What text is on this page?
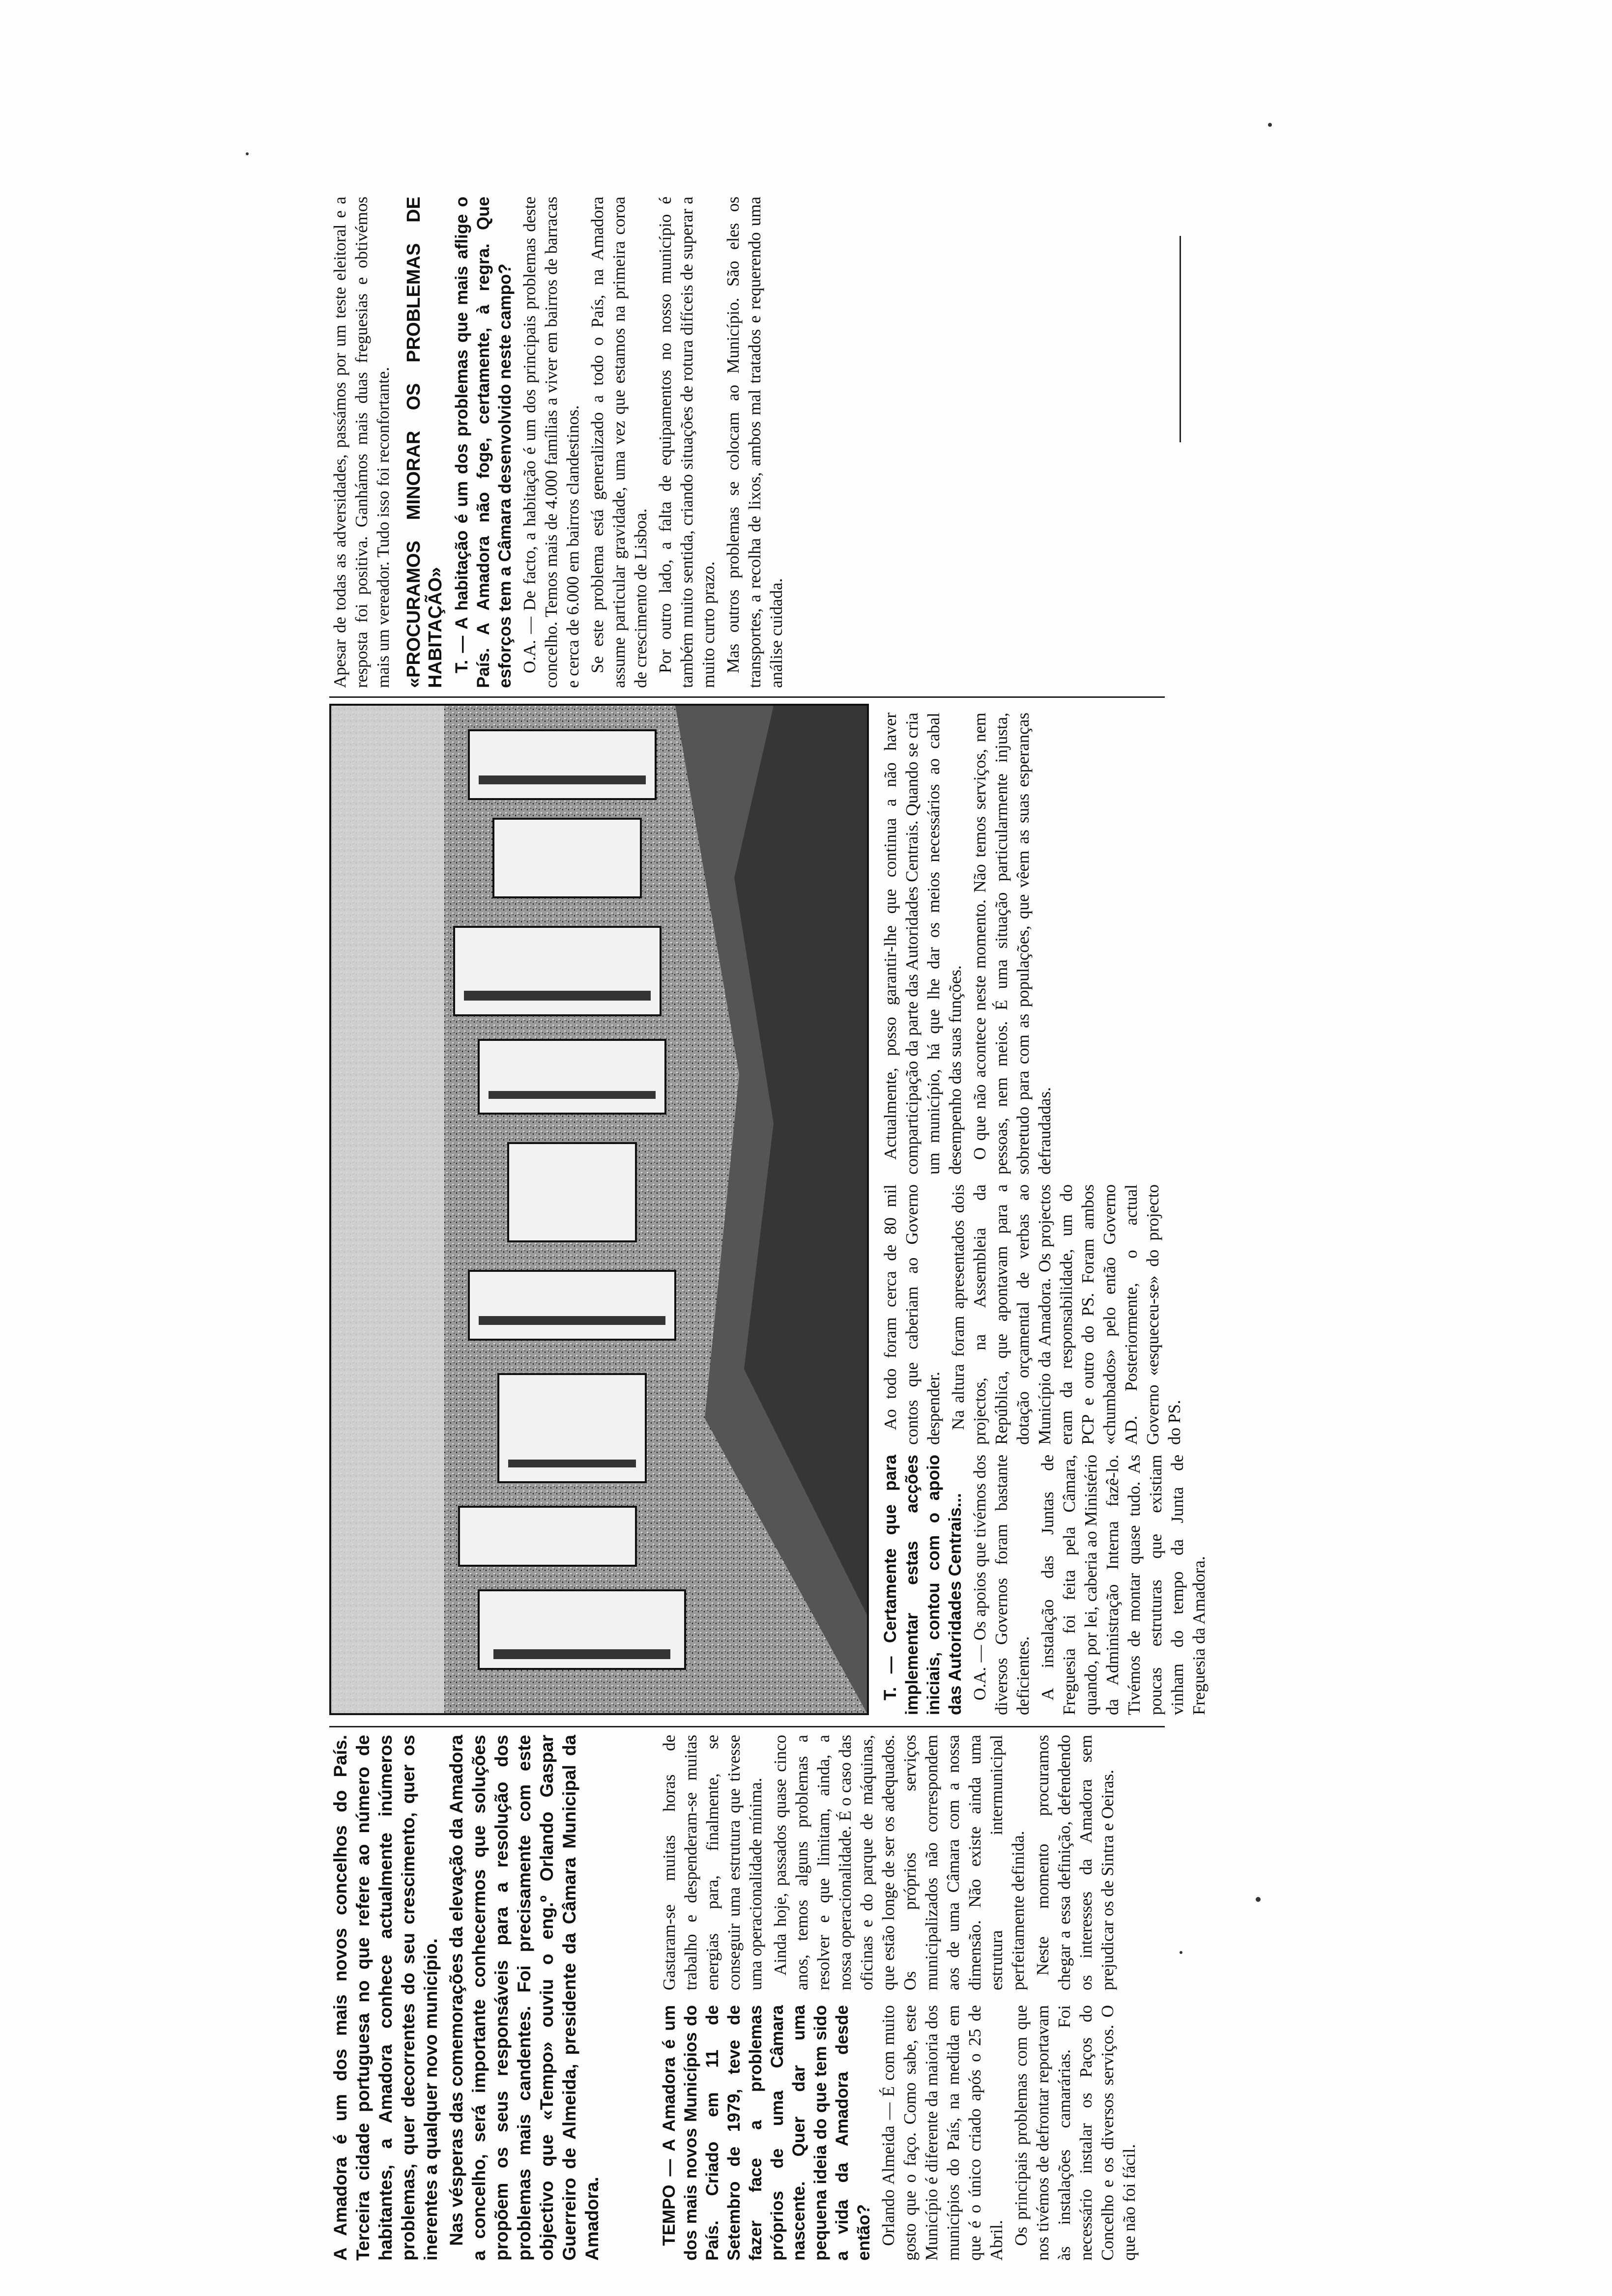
A Amadora é um dos mais novos concelhos do País. Terceira cidade portuguesa no que refere ao número de habitantes, a Amadora conhece actualmente inúmeros problemas, quer decorrentes do seu crescimento, quer os inerentes a qualquer novo município. Nas vésperas das comemorações da elevação da Amadora a concelho, será importante conhecermos que soluções propõem os seus responsáveis para a resolução dos problemas mais candentes. Foi precisamente com este objectivo que «Tempo» ouviu o eng.º Orlando Gaspar Guerreiro de Almeida, presidente da Câmara Municipal da Amadora.	TEMPO — A Amadora é um dos mais novos Municípios do País. Criado em 11 de Setembro de 1979, teve de fazer face a problemas próprios de uma Câmara nascente. Quer dar uma pequena ideia do que tem sido a vida da Amadora desde então? Orlando Almeida — É com muito gosto que o faço. Como sabe, este Município é diferente da maioria dos municípios do País, na medida em que é o único criado após o 25 de Abril. Os principais problemas com que nos tivémos de defrontar reportavam às instalações camarárias. Foi necessário instalar os Paços do Concelho e os diversos serviços. O que não foi fácil.

Gastaram-se muitas horas de trabalho e despenderam-se muitas energias para, finalmente, se conseguir uma estrutura que tivesse uma operacionalidade mínima. Ainda hoje, passados quase cinco anos, temos alguns problemas a resolver e que limitam, ainda, a nossa operacionalidade. É o caso das oficinas e do parque de máquinas, que estão longe de ser os adequados. Os próprios serviços municipalizados não correspondem aos de uma Câmara com a nossa dimensão. Não existe ainda uma estrutura intermunicipal perfeitamente definida. Neste momento procuramos chegar a essa definição, defendendo os interesses da Amadora sem prejudicar os de Sintra e Oeiras.

T. — Certamente que para implementar estas acções iniciais, contou com o apoio das Autoridades Centrais... O.A. — Os apoios que tivémos dos diversos Governos foram bastante deficientes. A instalação das Juntas de Freguesia foi feita pela Câmara, quando, por lei, caberia ao Ministério da Administração Interna fazê-lo. Tivémos de montar quase tudo. As poucas estruturas que existiam vinham do tempo da Junta de Freguesia da Amadora.

Ao todo foram cerca de 80 mil contos que caberiam ao Governo despender. Na altura foram apresentados dois projectos, na Assembleia da República, que apontavam para a dotação orçamental de verbas ao Município da Amadora. Os projectos eram da responsabilidade, um do PCP e outro do PS. Foram ambos «chumbados» pelo então Governo AD. Posteriormente, o actual Governo «esqueceu-se» do projecto do PS.

Actualmente, posso garantir-lhe que continua a não haver comparticipação da parte das Autoridades Centrais. Quando se cria um município, há que lhe dar os meios necessários ao cabal desempenho das suas funções. O que não acontece neste momento. Não temos serviços, nem pessoas, nem meios. É uma situação particularmente injusta, sobretudo para com as populações, que vêem as suas esperanças defraudadas.

Apesar de todas as adversidades, passámos por um teste eleitoral e a resposta foi positiva. Ganhámos mais duas freguesias e obtivémos mais um vereador. Tudo isso foi reconfortante. «PROCURAMOS MINORAR OS PROBLEMAS DE HABITAÇÃO» T. — A habitação é um dos problemas que mais aflige o País. A Amadora não foge, certamente, à regra. Que esforços tem a Câmara desenvolvido neste campo? O.A. — De facto, a habitação é um dos principais problemas deste concelho. Temos mais de 4.000 famílias a viver em bairros de barracas e cerca de 6.000 em bairros clandestinos. Se este problema está generalizado a todo o País, na Amadora assume particular gravidade, uma vez que estamos na primeira coroa de crescimento de Lisboa. Por outro lado, a falta de equipamentos no nosso município é também muito sentida, criando situações de rotura difíceis de superar a muito curto prazo. Mas outros problemas se colocam ao Município. São eles os transportes, a recolha de lixos, ambos mal tratados e requerendo uma análise cuidada.
